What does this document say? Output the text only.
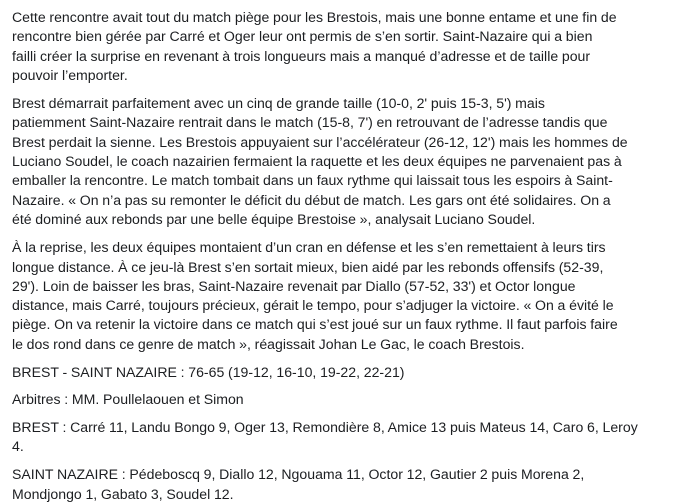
Cette rencontre avait tout du match piège pour les Brestois, mais une bonne entame et une fin de
rencontre bien gérée par Carré et Oger leur ont permis de s’en sortir. Saint-Nazaire qui a bien
failli créer la surprise en revenant à trois longueurs mais a manqué d’adresse et de taille pour
pouvoir l’emporter.

Brest démarrait parfaitement avec un cinq de grande taille (10-0, 2' puis 15-3, 5') mais
patiemment Saint-Nazaire rentrait dans le match (15-8, 7') en retrouvant de l’adresse tandis que
Brest perdait la sienne. Les Brestois appuyaient sur l’accélérateur (26-12, 12') mais les hommes de
Luciano Soudel, le coach nazairien fermaient la raquette et les deux équipes ne parvenaient pas à
emballer la rencontre. Le match tombait dans un faux rythme qui laissait tous les espoirs à Saint-
Nazaire. « On n’a pas su remonter le déficit du début de match. Les gars ont été solidaires. On a
été dominé aux rebonds par une belle équipe Brestoise », analysait Luciano Soudel.

À la reprise, les deux équipes montaient d’un cran en défense et les s’en remettaient à leurs tirs
longue distance. À ce jeu-là Brest s’en sortait mieux, bien aidé par les rebonds offensifs (52-39,
29'). Loin de baisser les bras, Saint-Nazaire revenait par Diallo (57-52, 33') et Octor longue
distance, mais Carré, toujours précieux, gérait le tempo, pour s’adjuger la victoire. « On a évité le
piège. On va retenir la victoire dans ce match qui s’est joué sur un faux rythme. Il faut parfois faire
le dos rond dans ce genre de match », réagissait Johan Le Gac, le coach Brestois.

BREST - SAINT NAZAIRE : 76-65 (19-12, 16-10, 19-22, 22-21)

Arbitres : MM. Poullelaouen et Simon

BREST : Carré 11, Landu Bongo 9, Oger 13, Remondière 8, Amice 13 puis Mateus 14, Caro 6, Leroy
4.

SAINT NAZAIRE : Pédeboscq 9, Diallo 12, Ngouama 11, Octor 12, Gautier 2 puis Morena 2,
Mondjongo 1, Gabato 3, Soudel 12.
